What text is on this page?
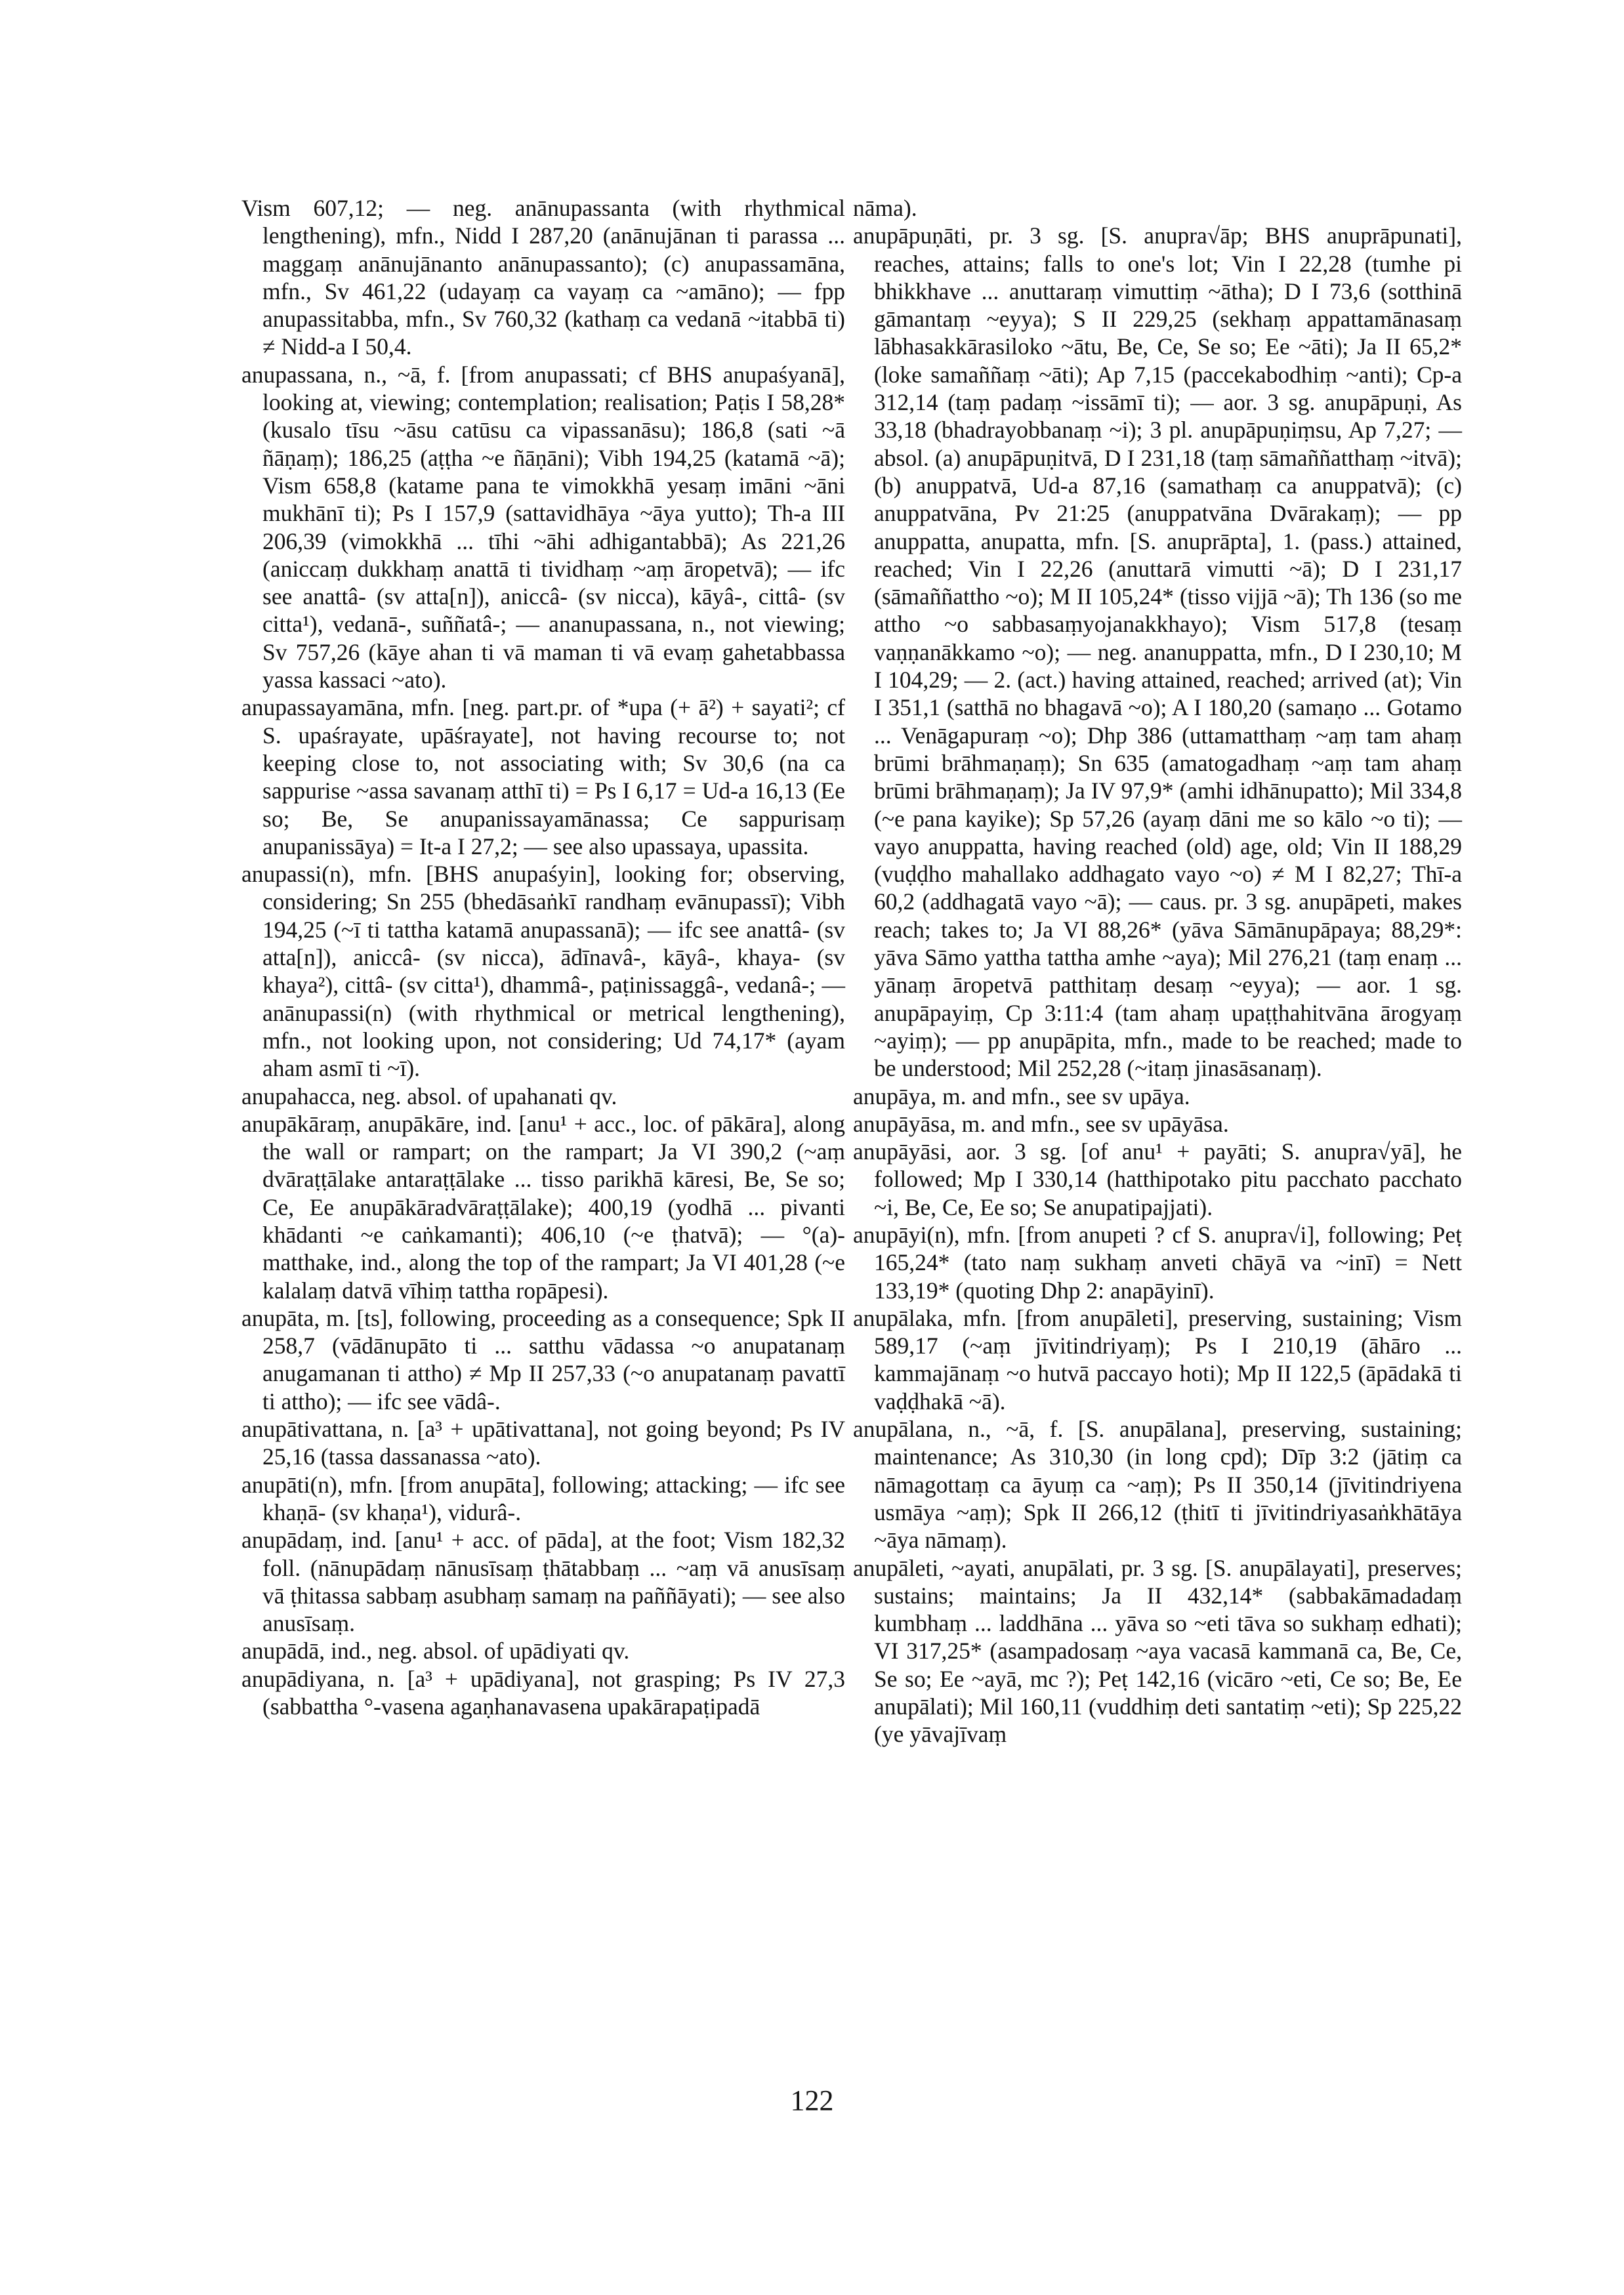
Vism 607,12; — neg. anānupassanta (with rhythmical lengthening), mfn., Nidd I 287,20 (anānujānan ti parassa ... maggaṃ anānujānanto anānupassanto); (c) anupassamāna, mfn., Sv 461,22 (udayaṃ ca vayaṃ ca ~amāno); — fpp anupassitabba, mfn., Sv 760,32 (kathaṃ ca vedanā ~itabbā ti) ≠ Nidd-a I 50,4.

anupassana, n., ~ā, f. [from anupassati; cf BHS anupaśyanā], looking at, viewing; contemplation; realisation; Paṭis I 58,28* (kusalo tīsu ~āsu catūsu ca vipassanāsu); 186,8 (sati ~ā ñāṇaṃ); 186,25 (aṭṭha ~e ñāṇāni); Vibh 194,25 (katamā ~ā); Vism 658,8 (katame pana te vimokkhā yesaṃ imāni ~āni mukhānī ti); Ps I 157,9 (sattavidhāya ~āya yutto); Th-a III 206,39 (vimokkhā ... tīhi ~āhi adhigantabbā); As 221,26 (aniccaṃ dukkhaṃ anattā ti tividhaṃ ~aṃ āropetvā); — ifc see anattâ- (sv atta[n]), aniccâ- (sv nicca), kāyâ-, cittâ- (sv citta¹), vedanā-, suññatâ-; — ananupassana, n., not viewing; Sv 757,26 (kāye ahan ti vā maman ti vā evaṃ gahetabbassa yassa kassaci ~ato).

anupassayamāna, mfn. [neg. part.pr. of *upa (+ ā²) + sayati²; cf S. upaśrayate, upāśrayate], not having recourse to; not keeping close to, not associating with; Sv 30,6 (na ca sappurise ~assa savanaṃ atthī ti) = Ps I 6,17 = Ud-a 16,13 (Ee so; Be, Se anupanissayamānassa; Ce sappurisaṃ anupanissāya) = It-a I 27,2; — see also upassaya, upassita.

anupassi(n), mfn. [BHS anupaśyin], looking for; observing, considering; Sn 255 (bhedāsaṅkī randhaṃ evānupassī); Vibh 194,25 (~ī ti tattha katamā anupassanā); — ifc see anattâ- (sv atta[n]), aniccâ- (sv nicca), ādīnavâ-, kāyâ-, khaya- (sv khaya²), cittâ- (sv citta¹), dhammâ-, paṭinissaggâ-, vedanâ-; — anānupassi(n) (with rhythmical or metrical lengthening), mfn., not looking upon, not considering; Ud 74,17* (ayam aham asmī ti ~ī).

anupahacca, neg. absol. of upahanati qv.

anupākāraṃ, anupākāre, ind. [anu¹ + acc., loc. of pākāra], along the wall or rampart; on the rampart; Ja VI 390,2 (~aṃ dvāraṭṭālake antaraṭṭālake ... tisso parikhā kāresi, Be, Se so; Ce, Ee anupākāradvāraṭṭālake); 400,19 (yodhā ... pivanti khādanti ~e caṅkamanti); 406,10 (~e ṭhatvā); — °(a)-matthake, ind., along the top of the rampart; Ja VI 401,28 (~e kalalaṃ datvā vīhiṃ tattha ropāpesi).

anupāta, m. [ts], following, proceeding as a consequence; Spk II 258,7 (vādānupāto ti ... satthu vādassa ~o anupatanaṃ anugamanan ti attho) ≠ Mp II 257,33 (~o anupatanaṃ pavattī ti attho); — ifc see vādâ-.

anupātivattana, n. [a³ + upātivattana], not going beyond; Ps IV 25,16 (tassa dassanassa ~ato).

anupāti(n), mfn. [from anupāta], following; attacking; — ifc see khaṇā- (sv khaṇa¹), vidurâ-.

anupādaṃ, ind. [anu¹ + acc. of pāda], at the foot; Vism 182,32 foll. (nānupādaṃ nānusīsaṃ ṭhātabbaṃ ... ~aṃ vā anusīsaṃ vā ṭhitassa sabbaṃ asubhaṃ samaṃ na paññāyati); — see also anusīsaṃ.

anupādā, ind., neg. absol. of upādiyati qv.

anupādiyana, n. [a³ + upādiyana], not grasping; Ps IV 27,3 (sabbattha °-vasena agaṇhanavasena upakārapaṭipadā

nāma).

anupāpuṇāti, pr. 3 sg. [S. anupra√āp; BHS anuprāpunati], reaches, attains; falls to one's lot; Vin I 22,28 (tumhe pi bhikkhave ... anuttaraṃ vimuttiṃ ~ātha); D I 73,6 (sotthinā gāmantaṃ ~eyya); S II 229,25 (sekhaṃ appattamānasaṃ lābhasakkārasiloko ~ātu, Be, Ce, Se so; Ee ~āti); Ja II 65,2* (loke samaññaṃ ~āti); Ap 7,15 (paccekabodhiṃ ~anti); Cp-a 312,14 (taṃ padaṃ ~issāmī ti); — aor. 3 sg. anupāpuṇi, As 33,18 (bhadrayobbanaṃ ~i); 3 pl. anupāpuṇiṃsu, Ap 7,27; — absol. (a) anupāpuṇitvā, D I 231,18 (taṃ sāmaññatthaṃ ~itvā); (b) anuppatvā, Ud-a 87,16 (samathaṃ ca anuppatvā); (c) anuppatvāna, Pv 21:25 (anuppatvāna Dvārakaṃ); — pp anuppatta, anupatta, mfn. [S. anuprāpta], 1. (pass.) attained, reached; Vin I 22,26 (anuttarā vimutti ~ā); D I 231,17 (sāmaññattho ~o); M II 105,24* (tisso vijjā ~ā); Th 136 (so me attho ~o sabbasaṃyojanakkhayo); Vism 517,8 (tesaṃ vaṇṇanākkamo ~o); — neg. ananuppatta, mfn., D I 230,10; M I 104,29; — 2. (act.) having attained, reached; arrived (at); Vin I 351,1 (satthā no bhagavā ~o); A I 180,20 (samaṇo ... Gotamo ... Venāgapuraṃ ~o); Dhp 386 (uttamatthaṃ ~aṃ tam ahaṃ brūmi brāhmaṇaṃ); Sn 635 (amatogadhaṃ ~aṃ tam ahaṃ brūmi brāhmaṇaṃ); Ja IV 97,9* (amhi idhānupatto); Mil 334,8 (~e pana kayike); Sp 57,26 (ayaṃ dāni me so kālo ~o ti); — vayo anuppatta, having reached (old) age, old; Vin II 188,29 (vuḍḍho mahallako addhagato vayo ~o) ≠ M I 82,27; Thī-a 60,2 (addhagatā vayo ~ā); — caus. pr. 3 sg. anupāpeti, makes reach; takes to; Ja VI 88,26* (yāva Sāmānupāpaya; 88,29*: yāva Sāmo yattha tattha amhe ~aya); Mil 276,21 (taṃ enaṃ ... yānaṃ āropetvā patthitaṃ desaṃ ~eyya); — aor. 1 sg. anupāpayiṃ, Cp 3:11:4 (tam ahaṃ upaṭṭhahitvāna ārogyaṃ ~ayiṃ); — pp anupāpita, mfn., made to be reached; made to be understood; Mil 252,28 (~itaṃ jinasāsanaṃ).

anupāya, m. and mfn., see sv upāya.

anupāyāsa, m. and mfn., see sv upāyāsa.

anupāyāsi, aor. 3 sg. [of anu¹ + payāti; S. anupra√yā], he followed; Mp I 330,14 (hatthipotako pitu pacchato pacchato ~i, Be, Ce, Ee so; Se anupatipajjati).

anupāyi(n), mfn. [from anupeti ? cf S. anupra√i], following; Peṭ 165,24* (tato naṃ sukhaṃ anveti chāyā va ~inī) = Nett 133,19* (quoting Dhp 2: anapāyinī).

anupālaka, mfn. [from anupāleti], preserving, sustaining; Vism 589,17 (~aṃ jīvitindriyaṃ); Ps I 210,19 (āhāro ... kammajānaṃ ~o hutvā paccayo hoti); Mp II 122,5 (āpādakā ti vaḍḍhakā ~ā).

anupālana, n., ~ā, f. [S. anupālana], preserving, sustaining; maintenance; As 310,30 (in long cpd); Dīp 3:2 (jātiṃ ca nāmagottaṃ ca āyuṃ ca ~aṃ); Ps II 350,14 (jīvitindriyena usmāya ~aṃ); Spk II 266,12 (ṭhitī ti jīvitindriyasaṅkhātāya ~āya nāmaṃ).

anupāleti, ~ayati, anupālati, pr. 3 sg. [S. anupālayati], preserves; sustains; maintains; Ja II 432,14* (sabbakāmadadaṃ kumbhaṃ ... laddhāna ... yāva so ~eti tāva so sukhaṃ edhati); VI 317,25* (asampadosaṃ ~aya vacasā kammanā ca, Be, Ce, Se so; Ee ~ayā, mc ?); Peṭ 142,16 (vicāro ~eti, Ce so; Be, Ee anupālati); Mil 160,11 (vuddhiṃ deti santatiṃ ~eti); Sp 225,22 (ye yāvajīvaṃ

122
